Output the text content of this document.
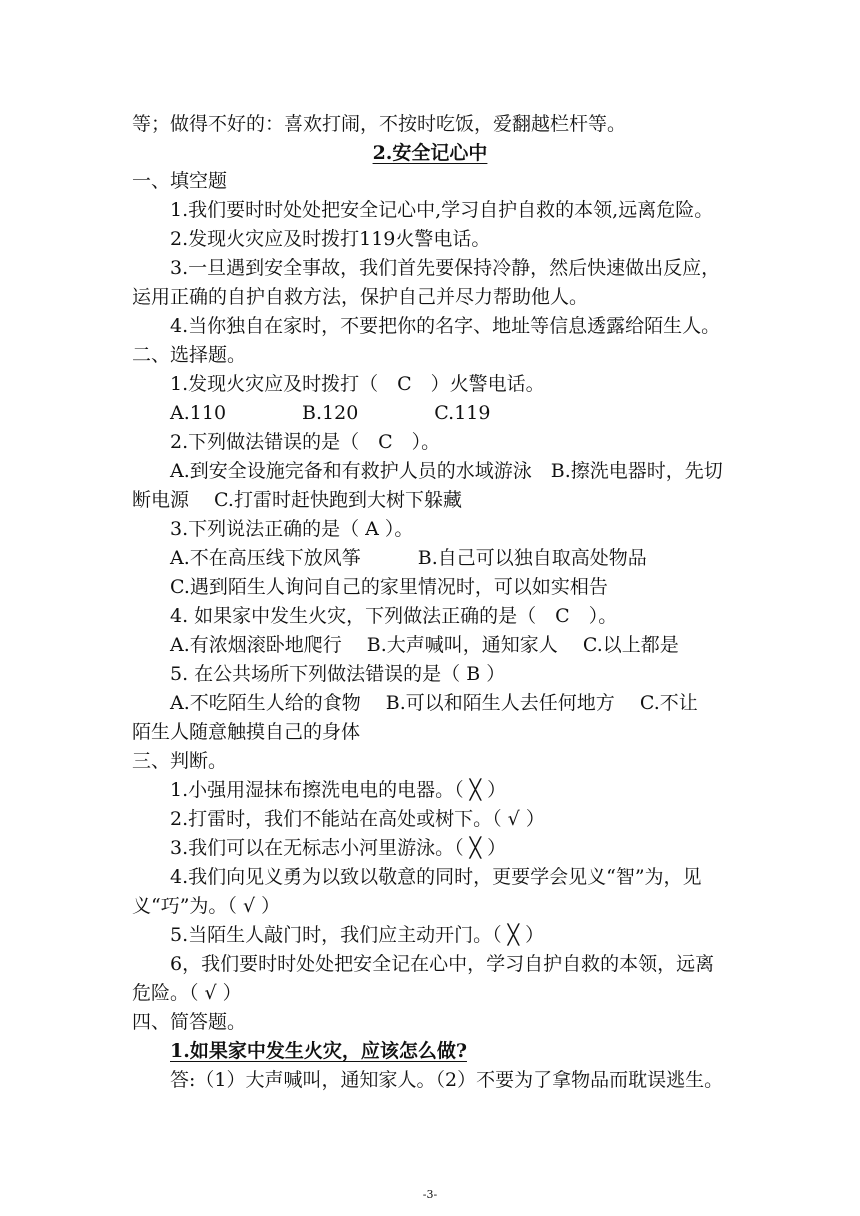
等；做得不好的：喜欢打闹，不按时吃饭，爱翻越栏杆等。
2.安全记心中
一、填空题
1.我们要时时处处把安全记心中,学习自护自救的本领,远离危险。
2.发现火灾应及时拨打119火警电话。
3.一旦遇到安全事故，我们首先要保持冷静，然后快速做出反应，
运用正确的自护自救方法，保护自己并尽力帮助他人。
4.当你独自在家时，不要把你的名字、地址等信息透露给陌生人。
二、选择题。
1.发现火灾应及时拨打（　C　）火警电话。
A.110　　　　B.120　　　　C.119
2.下列做法错误的是（　C　）。
A.到安全设施完备和有救护人员的水域游泳　B.擦洗电器时，先切
断电源　 C.打雷时赶快跑到大树下躲藏
3.下列说法正确的是（ A ）。
A.不在高压线下放风筝　　　B.自己可以独自取高处物品
C.遇到陌生人询问自己的家里情况时，可以如实相告
4. 如果家中发生火灾，下列做法正确的是（　C　）。
A.有浓烟滚卧地爬行　 B.大声喊叫，通知家人　 C.以上都是
5. 在公共场所下列做法错误的是（ B ）
A.不吃陌生人给的食物　 B.可以和陌生人去任何地方　 C.不让
陌生人随意触摸自己的身体
三、判断。
1.小强用湿抹布擦洗电电的电器。（ ╳ ）
2.打雷时，我们不能站在高处或树下。（ √ ）
3.我们可以在无标志小河里游泳。（ ╳ ）
4.我们向见义勇为以致以敬意的同时，更要学会见义“智”为，见
义“巧”为。（ √ ）
5.当陌生人敲门时，我们应主动开门。（ ╳ ）
6，我们要时时处处把安全记在心中，学习自护自救的本领，远离
危险。（ √ ）
四、简答题。
1.如果家中发生火灾，应该怎么做?
答:（1）大声喊叫，通知家人。（2）不要为了拿物品而耽误逃生。
-3-
